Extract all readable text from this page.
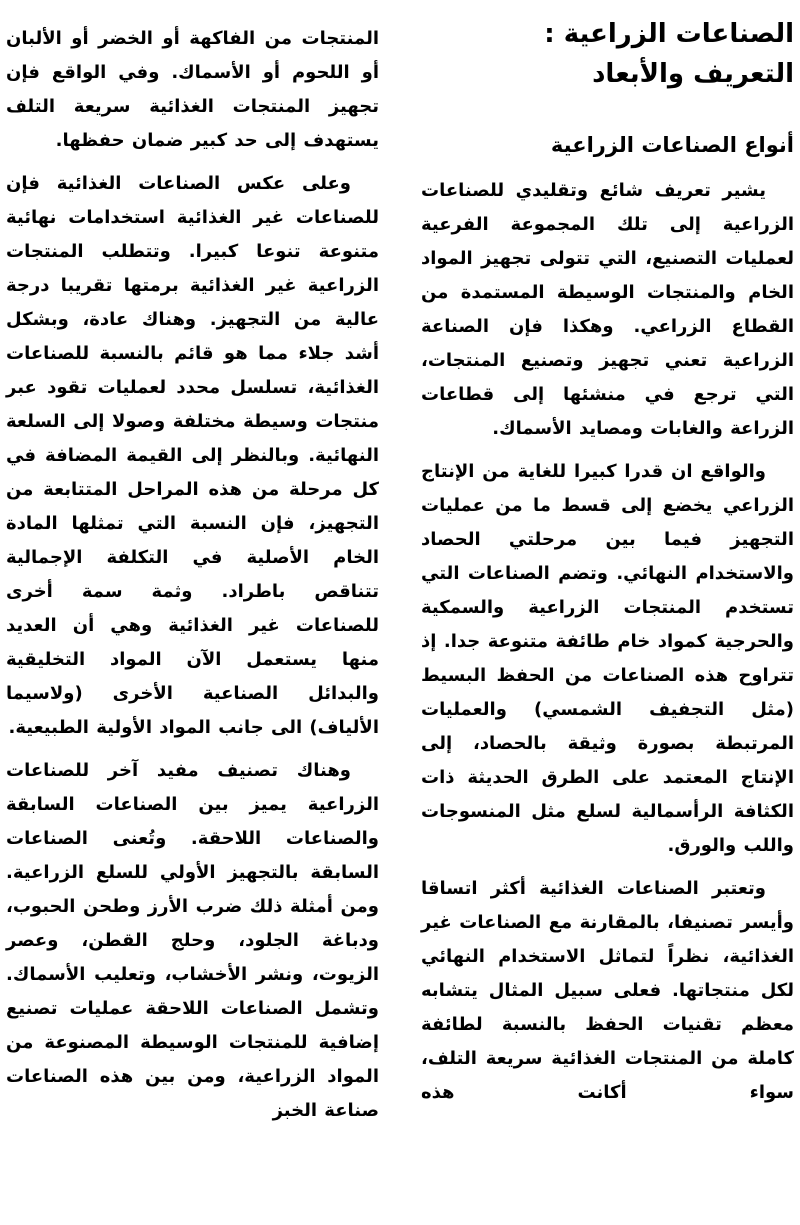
الصناعات الزراعية :
التعريف والأبعاد
أنواع الصناعات الزراعية

يشير تعريف شائع وتقليدي للصناعات الزراعية إلى تلك المجموعة الفرعية لعمليات التصنيع، التي تتولى تجهيز المواد الخام والمنتجات الوسيطة المستمدة من القطاع الزراعي. وهكذا فإن الصناعة الزراعية تعني تجهيز وتصنيع المنتجات، التي ترجع في منشئها إلى قطاعات الزراعة والغابات ومصايد الأسماك.

والواقع ان قدرا كبيرا للغاية من الإنتاج الزراعي يخضع إلى قسط ما من عمليات التجهيز فيما بين مرحلتي الحصاد والاستخدام النهائي. وتضم الصناعات التي تستخدم المنتجات الزراعية والسمكية والحرجية كمواد خام طائفة متنوعة جدا. إذ تتراوح هذه الصناعات من الحفظ البسيط (مثل التجفيف الشمسي) والعمليات المرتبطة بصورة وثيقة بالحصاد، إلى الإنتاج المعتمد على الطرق الحديثة ذات الكثافة الرأسمالية لسلع مثل المنسوجات واللب والورق.

وتعتبر الصناعات الغذائية أكثر اتساقا وأيسر تصنيفا، بالمقارنة مع الصناعات غير الغذائية، نظراً لتماثل الاستخدام النهائي لكل منتجاتها. فعلى سبيل المثال يتشابه معظم تقنيات الحفظ بالنسبة لطائفة كاملة من المنتجات الغذائية سريعة التلف، سواء أكانت هذه

المنتجات من الفاكهة أو الخضر أو الألبان أو اللحوم أو الأسماك. وفي الواقع فإن تجهيز المنتجات الغذائية سريعة التلف يستهدف إلى حد كبير ضمان حفظها.

وعلى عكس الصناعات الغذائية فإن للصناعات غير الغذائية استخدامات نهائية متنوعة تنوعا كبيرا. وتتطلب المنتجات الزراعية غير الغذائية برمتها تقريبا درجة عالية من التجهيز. وهناك عادة، وبشكل أشد جلاء مما هو قائم بالنسبة للصناعات الغذائية، تسلسل محدد لعمليات تقود عبر منتجات وسيطة مختلفة وصولا إلى السلعة النهائية. وبالنظر إلى القيمة المضافة في كل مرحلة من هذه المراحل المتتابعة من التجهيز، فإن النسبة التي تمثلها المادة الخام الأصلية في التكلفة الإجمالية تتناقص باطراد. وثمة سمة أخرى للصناعات غير الغذائية وهي أن العديد منها يستعمل الآن المواد التخليقية والبدائل الصناعية الأخرى (ولاسيما الألياف) الى جانب المواد الأولية الطبيعية.

وهناك تصنيف مفيد آخر للصناعات الزراعية يميز بين الصناعات السابقة والصناعات اللاحقة. وتُعنى الصناعات السابقة بالتجهيز الأولي للسلع الزراعية. ومن أمثلة ذلك ضرب الأرز وطحن الحبوب، ودباغة الجلود، وحلج القطن، وعصر الزيوت، ونشر الأخشاب، وتعليب الأسماك. وتشمل الصناعات اللاحقة عمليات تصنيع إضافية للمنتجات الوسيطة المصنوعة من المواد الزراعية، ومن بين هذه الصناعات صناعة الخبز
